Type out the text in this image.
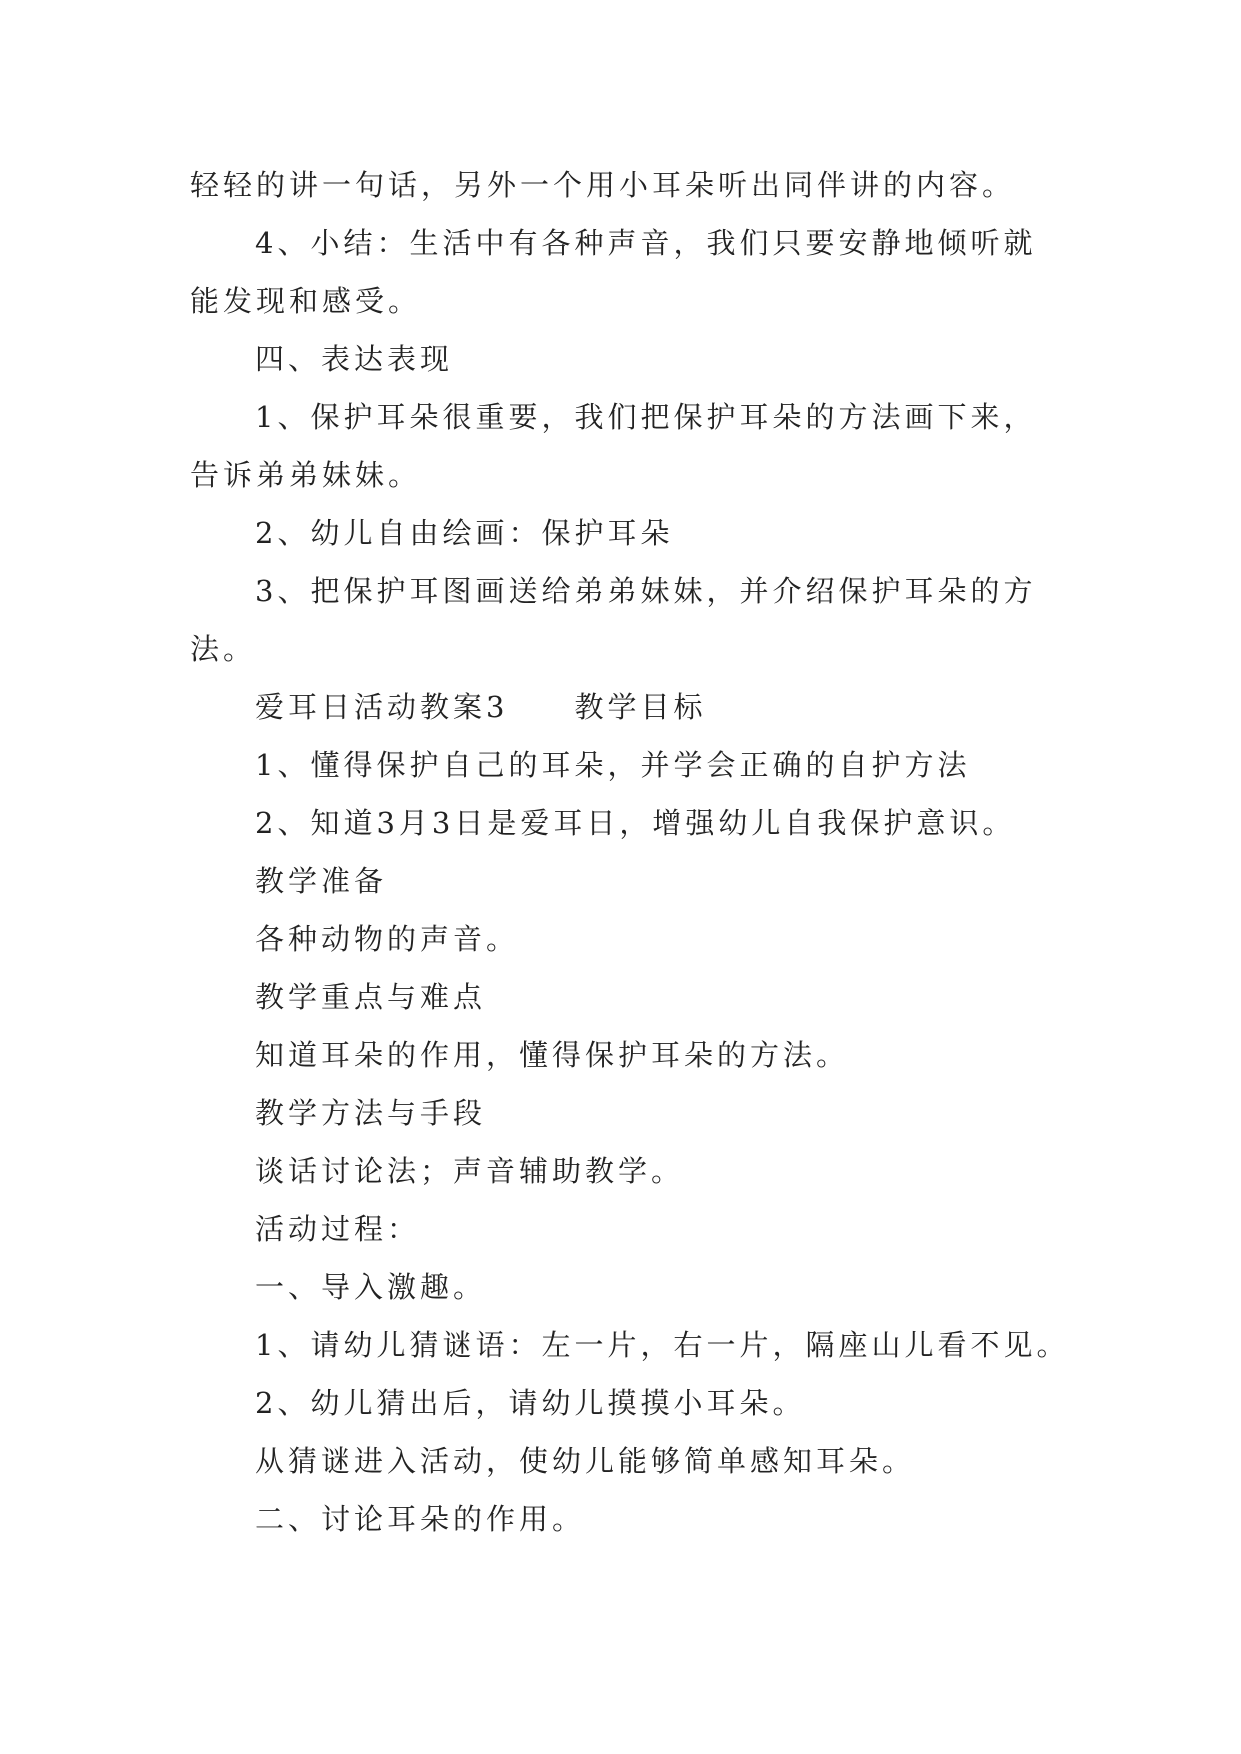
轻轻的讲一句话，另外一个用小耳朵听出同伴讲的内容。
4、小结：生活中有各种声音，我们只要安静地倾听就
能发现和感受。
四、表达表现
1、保护耳朵很重要，我们把保护耳朵的方法画下来，
告诉弟弟妹妹。
2、幼儿自由绘画：保护耳朵
3、把保护耳图画送给弟弟妹妹，并介绍保护耳朵的方
法。
爱耳日活动教案3　　教学目标
1、懂得保护自己的耳朵，并学会正确的自护方法
2、知道3月3日是爱耳日，增强幼儿自我保护意识。
教学准备
各种动物的声音。
教学重点与难点
知道耳朵的作用，懂得保护耳朵的方法。
教学方法与手段
谈话讨论法；声音辅助教学。
活动过程：
一、导入激趣。
1、请幼儿猜谜语：左一片，右一片，隔座山儿看不见。
2、幼儿猜出后，请幼儿摸摸小耳朵。
从猜谜进入活动，使幼儿能够简单感知耳朵。
二、讨论耳朵的作用。
